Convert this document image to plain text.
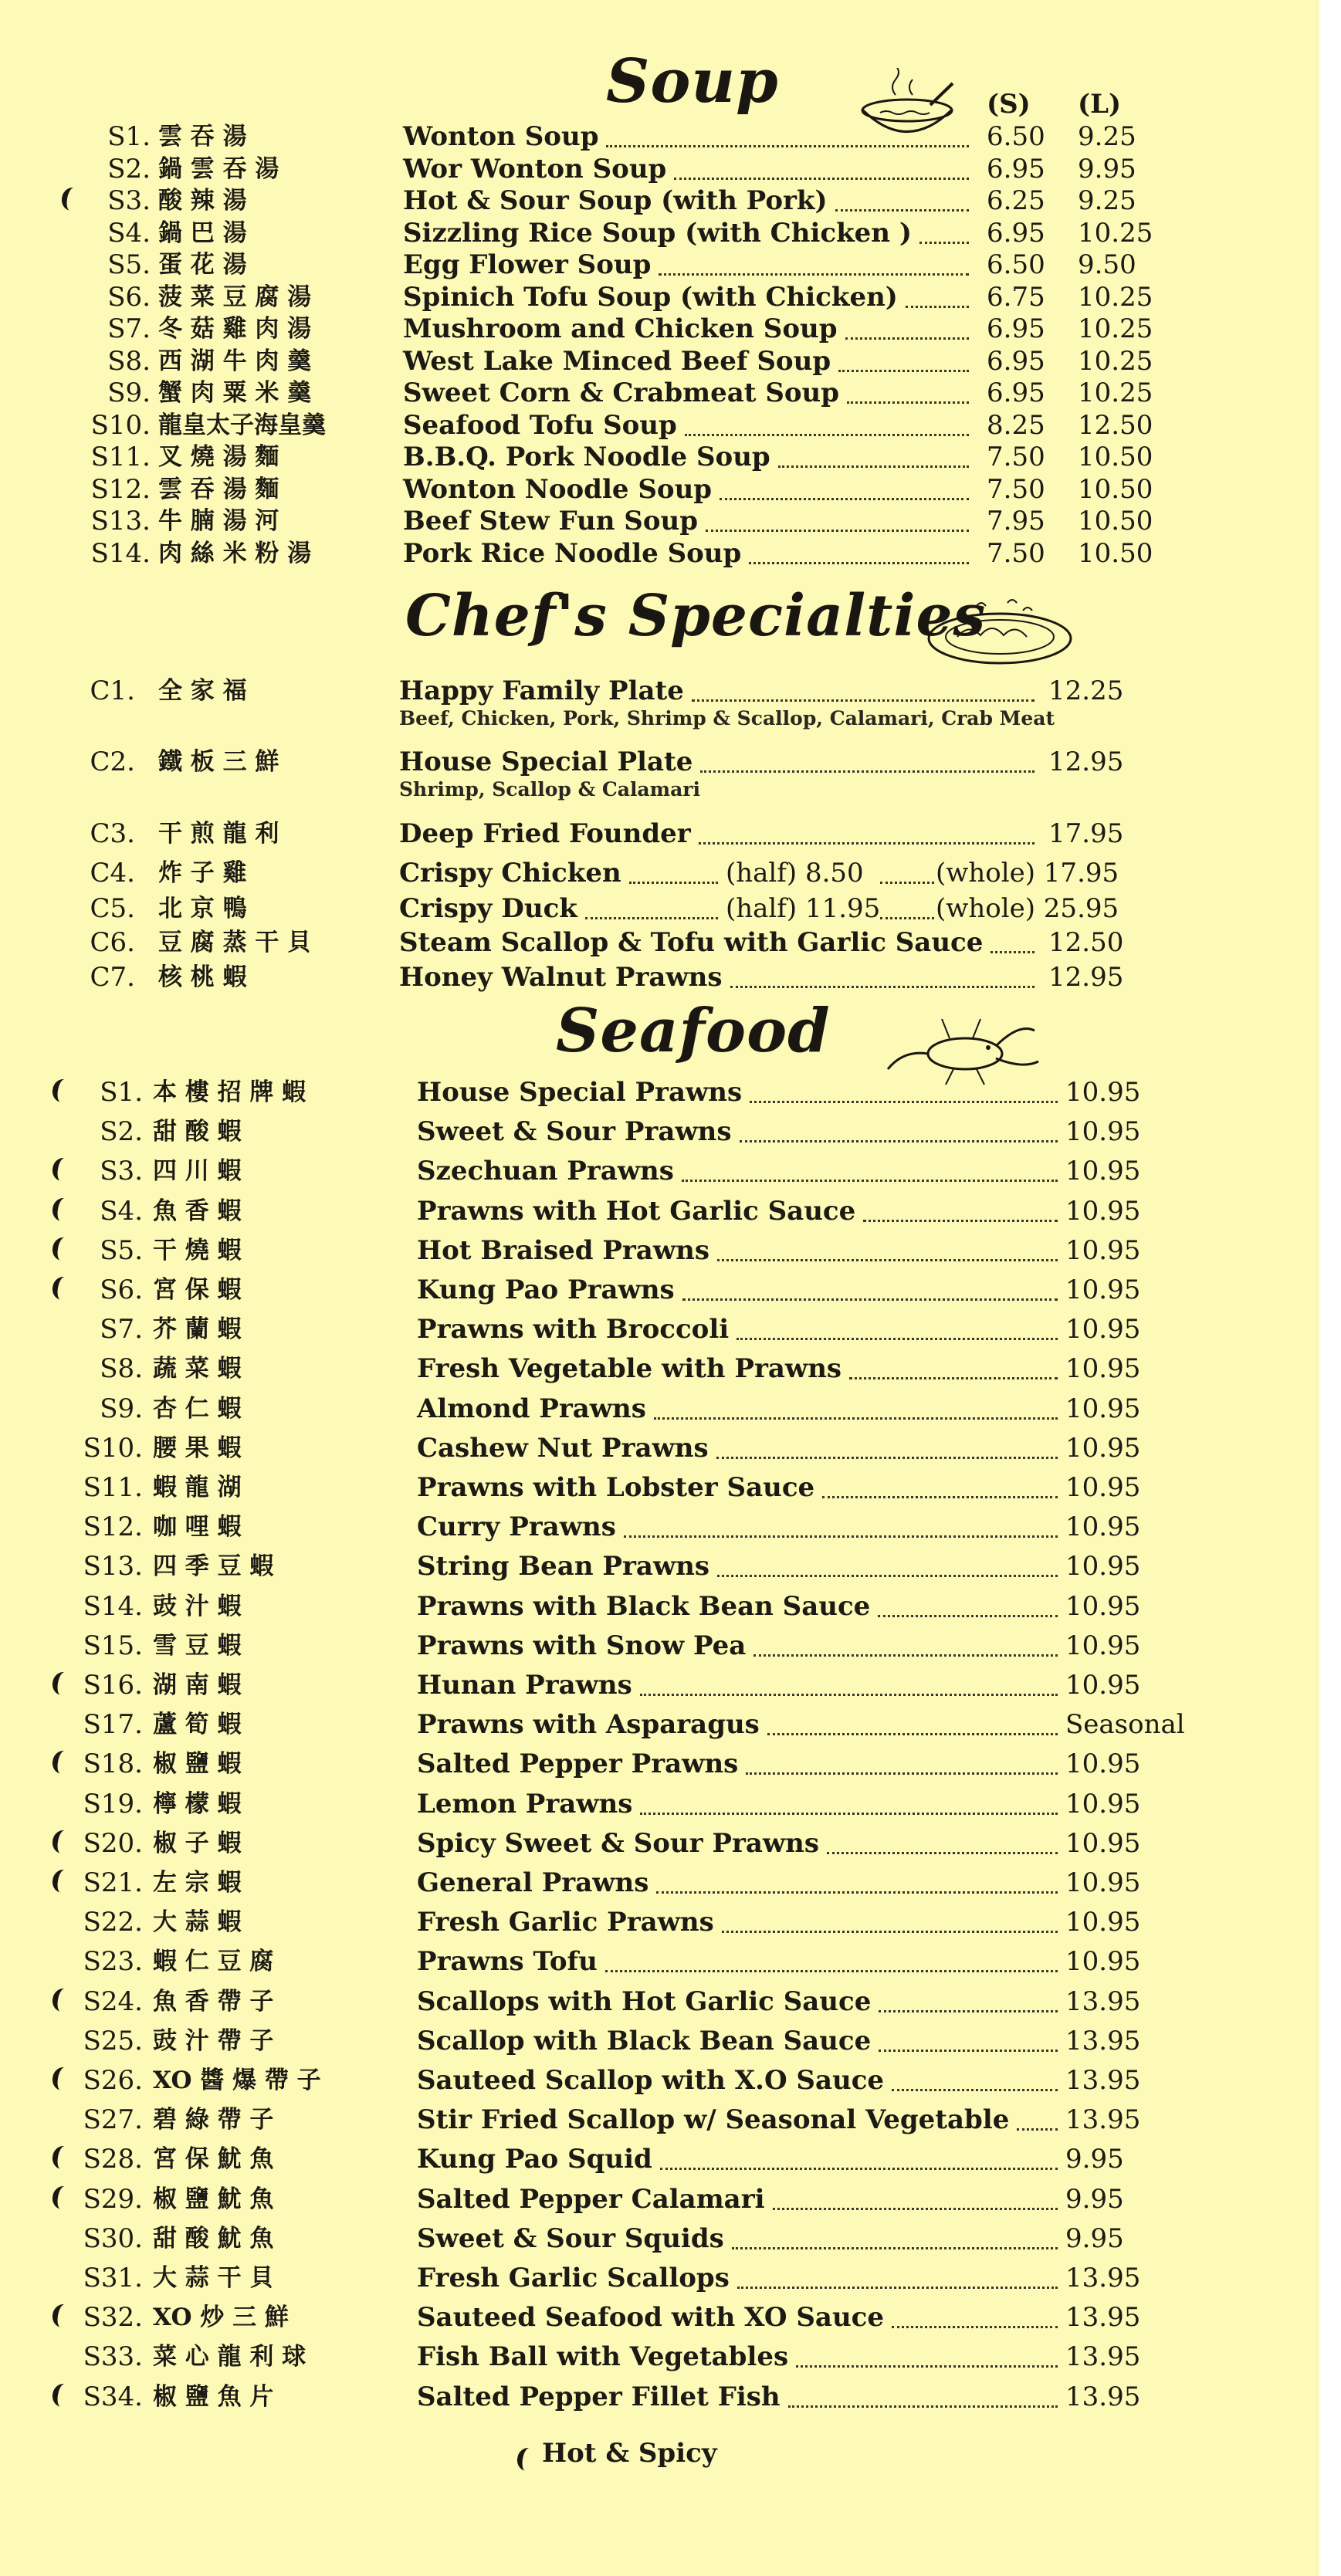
Soup	(S) (L)
Chef's Specialties
Seafood
S1. 雲 吞 湯	Wonton Soup	6.50 9.25
S2. 鍋 雲 吞 湯	Wor Wonton Soup	6.95 9.95
S3. 酸 辣 湯	Hot & Sour Soup (with Pork)	6.25 9.25
S4. 鍋 巴 湯	Sizzling Rice Soup (with Chicken )	6.95 10.25
S5. 蛋 花 湯	Egg Flower Soup	6.50 9.50
S6. 菠 菜 豆 腐 湯	Spinich Tofu Soup (with Chicken)	6.75 10.25
S7. 冬 菇 雞 肉 湯	Mushroom and Chicken Soup	6.95 10.25
S8. 西 湖 牛 肉 羹	West Lake Minced Beef Soup	6.95 10.25
S9. 蟹 肉 粟 米 羹	Sweet Corn & Crabmeat Soup	6.95 10.25
S10. 龍皇太子海皇羹	Seafood Tofu Soup	8.25 12.50
S11. 叉 燒 湯 麵	B.B.Q. Pork Noodle Soup	7.50 10.50
S12. 雲 吞 湯 麵	Wonton Noodle Soup	7.50 10.50
S13. 牛 腩 湯 河	Beef Stew Fun Soup	7.95 10.50
S14. 肉 絲 米 粉 湯	Pork Rice Noodle Soup	7.50 10.50
C1. 全 家 福	Happy Family Plate	12.25
Beef, Chicken, Pork, Shrimp & Scallop, Calamari, Crab Meat
C2. 鐵 板 三 鮮	House Special Plate	12.95
Shrimp, Scallop & Calamari
C3. 干 煎 龍 利	Deep Fried Founder	17.95
C4. 炸 子 雞	Crispy Chicken	(half) 8.50	(whole) 17.95
C5. 北 京 鴨	Crispy Duck	(half) 11.95 (whole) 25.95
C6. 豆 腐 蒸 干 貝	Steam Scallop & Tofu with Garlic Sauce 12.50
C7. 核 桃 蝦	Honey Walnut Prawns	12.95
S1. 本 樓 招 牌 蝦	House Special Prawns	10.95
S2. 甜 酸 蝦	Sweet & Sour Prawns	10.95
S3. 四 川 蝦	Szechuan Prawns	10.95
S4. 魚 香 蝦	Prawns with Hot Garlic Sauce	10.95
S5. 干 燒 蝦	Hot Braised Prawns	10.95
S6. 宮 保 蝦	Kung Pao Prawns	10.95
S7. 芥 蘭 蝦	Prawns with Broccoli	10.95
S8. 蔬 菜 蝦	Fresh Vegetable with Prawns	10.95
S9. 杏 仁 蝦	Almond Prawns	10.95
S10. 腰 果 蝦	Cashew Nut Prawns	10.95
S11. 蝦 龍 湖	Prawns with Lobster Sauce	10.95
S12. 咖 哩 蝦	Curry Prawns	10.95
S13. 四 季 豆 蝦	String Bean Prawns	10.95
S14. 豉 汁 蝦	Prawns with Black Bean Sauce	10.95
S15. 雪 豆 蝦	Prawns with Snow Pea	10.95
S16. 湖 南 蝦	Hunan Prawns	10.95
S17. 蘆 筍 蝦	Prawns with Asparagus	Seasonal
S18. 椒 鹽 蝦	Salted Pepper Prawns	10.95
S19. 檸 檬 蝦	Lemon Prawns	10.95
S20. 椒 子 蝦	Spicy Sweet & Sour Prawns	10.95
S21. 左 宗 蝦	General Prawns	10.95
S22. 大 蒜 蝦	Fresh Garlic Prawns	10.95
S23. 蝦 仁 豆 腐	Prawns Tofu	10.95
S24. 魚 香 帶 子	Scallops with Hot Garlic Sauce	13.95
S25. 豉 汁 帶 子	Scallop with Black Bean Sauce	13.95
S26. XO 醬 爆 帶 子	Sauteed Scallop with X.O Sauce	13.95
S27. 碧 綠 帶 子	Stir Fried Scallop w/ Seasonal Vegetable 13.95
S28. 宮 保 魷 魚	Kung Pao Squid	9.95
S29. 椒 鹽 魷 魚	Salted Pepper Calamari	9.95
S30. 甜 酸 魷 魚	Sweet & Sour Squids	9.95
S31. 大 蒜 干 貝	Fresh Garlic Scallops	13.95
S32. XO 炒 三 鮮	Sauteed Seafood with XO Sauce	13.95
S33. 菜 心 龍 利 球	Fish Ball with Vegetables	13.95
S34. 椒 鹽 魚 片	Salted Pepper Fillet Fish	13.95
Hot & Spicy
